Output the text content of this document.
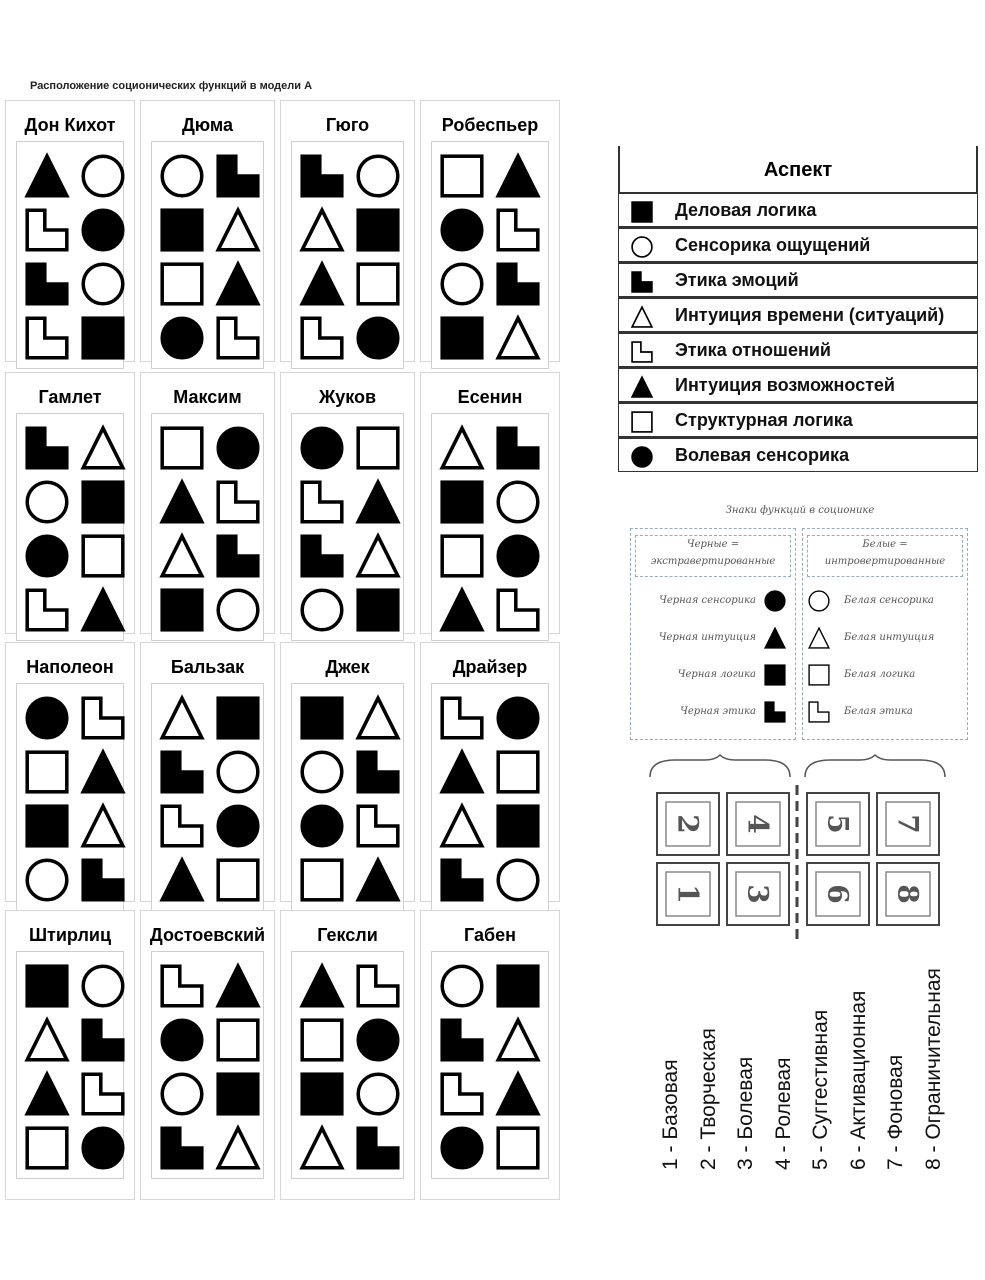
Расположение соционических функций в модели А
Дон Кихот	Дюма	Гюго	Робеспьер
Гамлет	Максим	Жуков	Есенин
Наполеон	Бальзак	Джек	Драйзер
Штирлиц	Достоевский	Гексли	Габен
Аспект
Деловая логика
Сенсорика ощущений
Этика эмоций
Интуиция времени (ситуаций)
Этика отношений
Интуиция возможностей
Структурная логика
Волевая сенсорика
Знаки функций в соционике
Черные = экстравертированные
Белые = интровертированные
Черная сенсорика
Черная интуиция
Черная логика
Черная этика
Белая сенсорика
Белая интуиция
Белая логика
Белая этика
2 4
1 3
5 7
6 8
1 - Базовая 2 - Творческая 3 - Болевая 4 - Ролевая 5 - Суггестивная 6 - Активационная 7 - Фоновая 8 - Ограничительная
